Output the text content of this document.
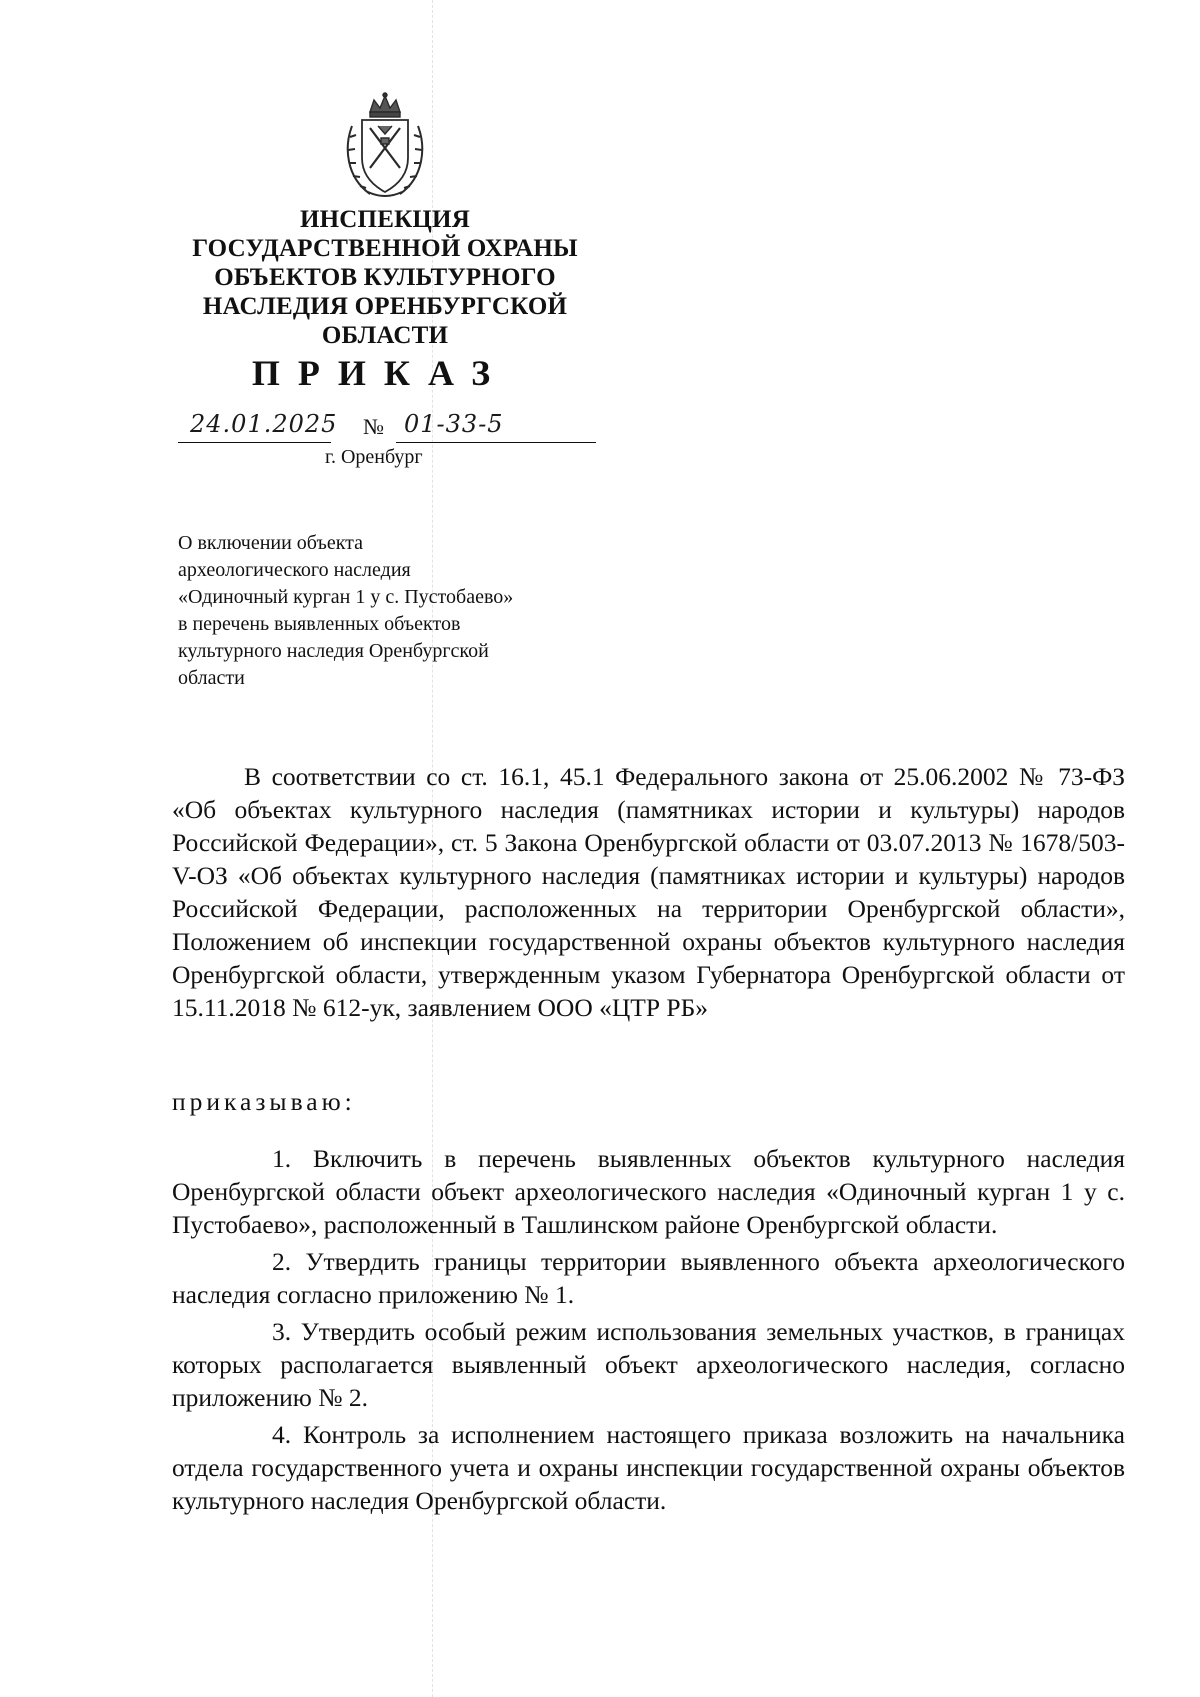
ИНСПЕКЦИЯ
ГОСУДАРСТВЕННОЙ ОХРАНЫ
ОБЪЕКТОВ КУЛЬТУРНОГО
НАСЛЕДИЯ ОРЕНБУРГСКОЙ
ОБЛАСТИ
ПРИКАЗ
24.01.2025 № 01-33-5
г. Оренбург
О включении объекта
археологического наследия
«Одиночный курган 1 у с. Пустобаево»
в перечень выявленных объектов
культурного наследия Оренбургской
области

В соответствии со ст. 16.1, 45.1 Федерального закона от 25.06.2002 № 73-ФЗ «Об объектах культурного наследия (памятниках истории и культуры) народов Российской Федерации», ст. 5 Закона Оренбургской области от 03.07.2013 № 1678/503-V-ОЗ «Об объектах культурного наследия (памятниках истории и культуры) народов Российской Федерации, расположенных на территории Оренбургской области», Положением об инспекции государственной охраны объектов культурного наследия Оренбургской области, утвержденным указом Губернатора Оренбургской области от 15.11.2018 № 612-ук, заявлением ООО «ЦТР РБ»

приказываю:

1. Включить в перечень выявленных объектов культурного наследия Оренбургской области объект археологического наследия «Одиночный курган 1 у с. Пустобаево», расположенный в Ташлинском районе Оренбургской области.

2. Утвердить границы территории выявленного объекта археологического наследия согласно приложению № 1.

3. Утвердить особый режим использования земельных участков, в границах которых располагается выявленный объект археологического наследия, согласно приложению № 2.

4. Контроль за исполнением настоящего приказа возложить на начальника отдела государственного учета и охраны инспекции государственной охраны объектов культурного наследия Оренбургской области.
